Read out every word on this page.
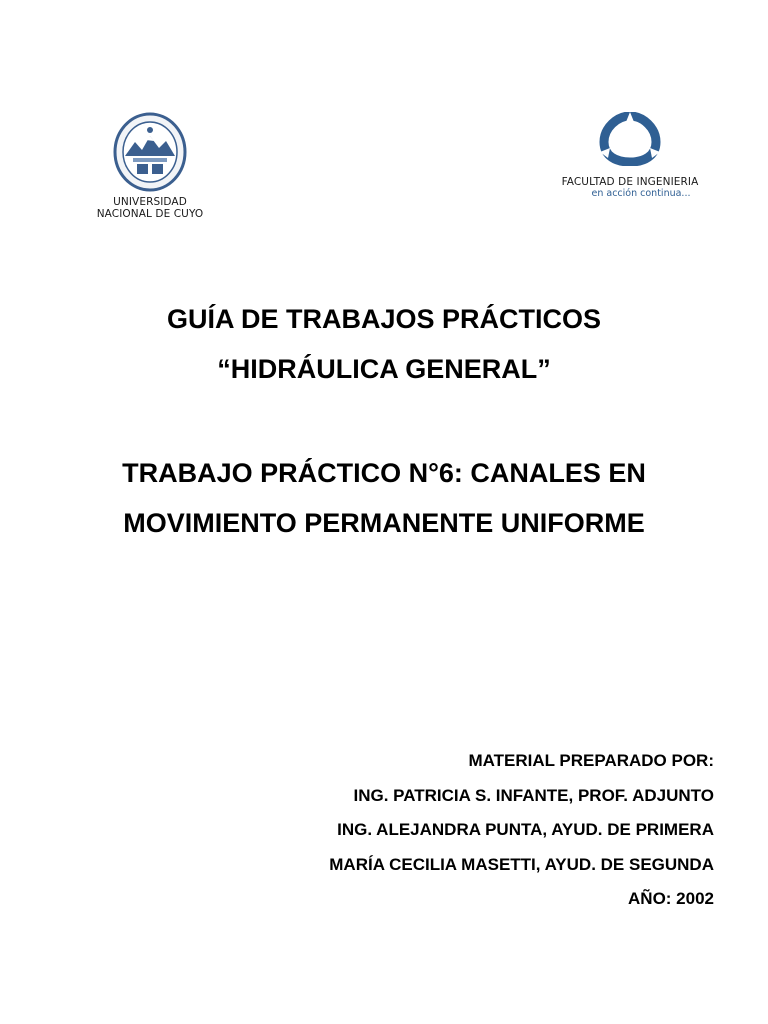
UNIVERSIDAD
NACIONAL DE CUYO
FACULTAD DE INGENIERIA
en acción continua...
GUÍA DE TRABAJOS PRÁCTICOS
“HIDRÁULICA GENERAL”
TRABAJO PRÁCTICO N°6: CANALES EN
MOVIMIENTO PERMANENTE UNIFORME
MATERIAL PREPARADO POR:
ING. PATRICIA S. INFANTE, PROF. ADJUNTO
ING. ALEJANDRA PUNTA, AYUD. DE PRIMERA
MARÍA CECILIA MASETTI, AYUD. DE SEGUNDA
AÑO: 2002
